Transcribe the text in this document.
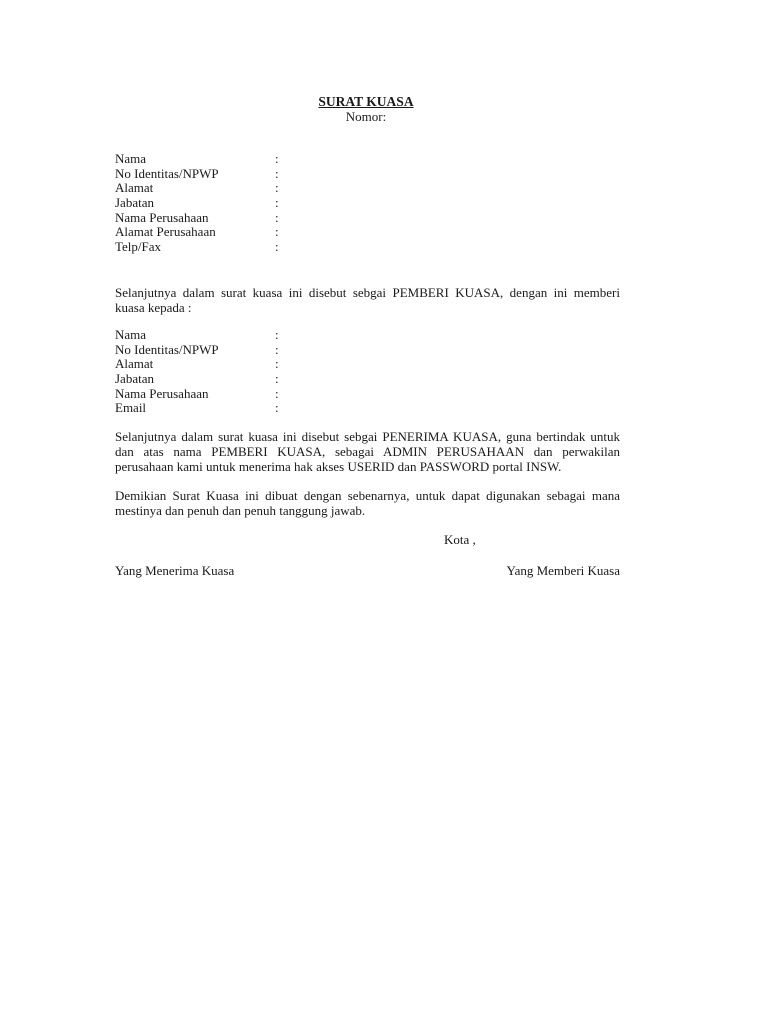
SURAT KUASA
Nomor:
Nama	:
No Identitas/NPWP	:
Alamat	:
Jabatan	:
Nama Perusahaan	:
Alamat Perusahaan	:
Telp/Fax	:
Selanjutnya dalam surat kuasa ini disebut sebgai PEMBERI KUASA, dengan ini memberi
kuasa kepada :
Nama	:
No Identitas/NPWP	:
Alamat	:
Jabatan	:
Nama Perusahaan	:
Email	:
Selanjutnya dalam surat kuasa ini disebut sebgai PENERIMA KUASA, guna bertindak untuk
dan atas nama PEMBERI KUASA, sebagai ADMIN PERUSAHAAN dan perwakilan
perusahaan kami untuk menerima hak akses USERID dan PASSWORD portal INSW.
Demikian Surat Kuasa ini dibuat dengan sebenarnya, untuk dapat digunakan sebagai mana
mestinya dan penuh dan penuh tanggung jawab.
Kota ,
Yang Menerima Kuasa	Yang Memberi Kuasa
